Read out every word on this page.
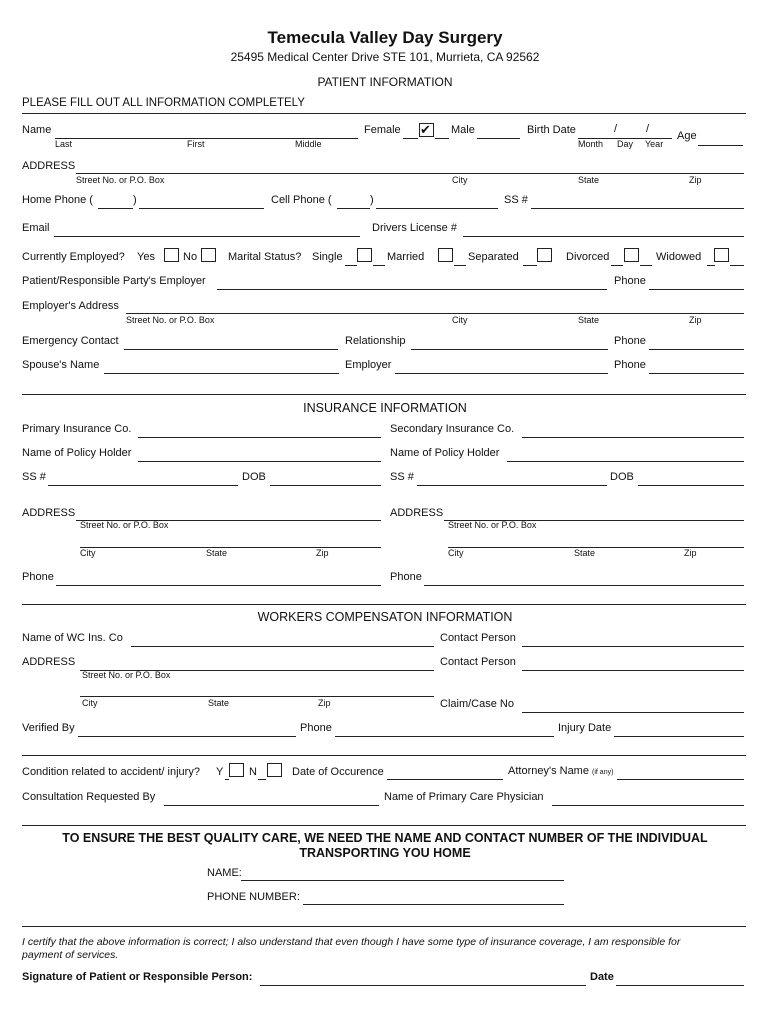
Temecula Valley Day Surgery
25495 Medical Center Drive STE 101, Murrieta, CA 92562
PATIENT INFORMATION
PLEASE FILL OUT ALL INFORMATION COMPLETELY
Name
Last	First	Middle
Female ✔ Male	Birth Date	/	/
Month Day Year
Age
ADDRESS
Street No. or P.O. Box	City	State	Zip
Home Phone (	)	Cell Phone (	)	SS #
Email	Drivers License #
Currently Employed? Yes	No	Marital Status? Single	Married	Separated	Divorced	Widowed
Patient/Responsible Party's Employer	Phone
Employer's Address
Street No. or P.O. Box	City	State	Zip
Emergency Contact	Relationship	Phone
Spouse's Name	Employer	Phone
INSURANCE INFORMATION
Primary Insurance Co.	Secondary Insurance Co.
Name of Policy Holder	Name of Policy Holder
SS #	DOB	SS #	DOB
ADDRESS
Street No. or P.O. Box
City	State	Zip
ADDRESS
Street No. or P.O. Box
City	State	Zip
Phone	Phone
WORKERS COMPENSATON INFORMATION
Name of WC Ins. Co	Contact Person
ADDRESS
Street No. or P.O. Box
Contact Person
City	State	Zip	Claim/Case No
Verified By	Phone	Injury Date
Condition related to accident/ injury? Y N	Date of Occurence	Attorney's Name (if any)
Consultation Requested By	Name of Primary Care Physician
TO ENSURE THE BEST QUALITY CARE, WE NEED THE NAME AND CONTACT NUMBER OF THE INDIVIDUAL
TRANSPORTING YOU HOME
NAME:
PHONE NUMBER:
I certify that the above information is correct; I also understand that even though I have some type of insurance coverage, I am responsible for
payment of services.
Signature of Patient or Responsible Person:	Date
